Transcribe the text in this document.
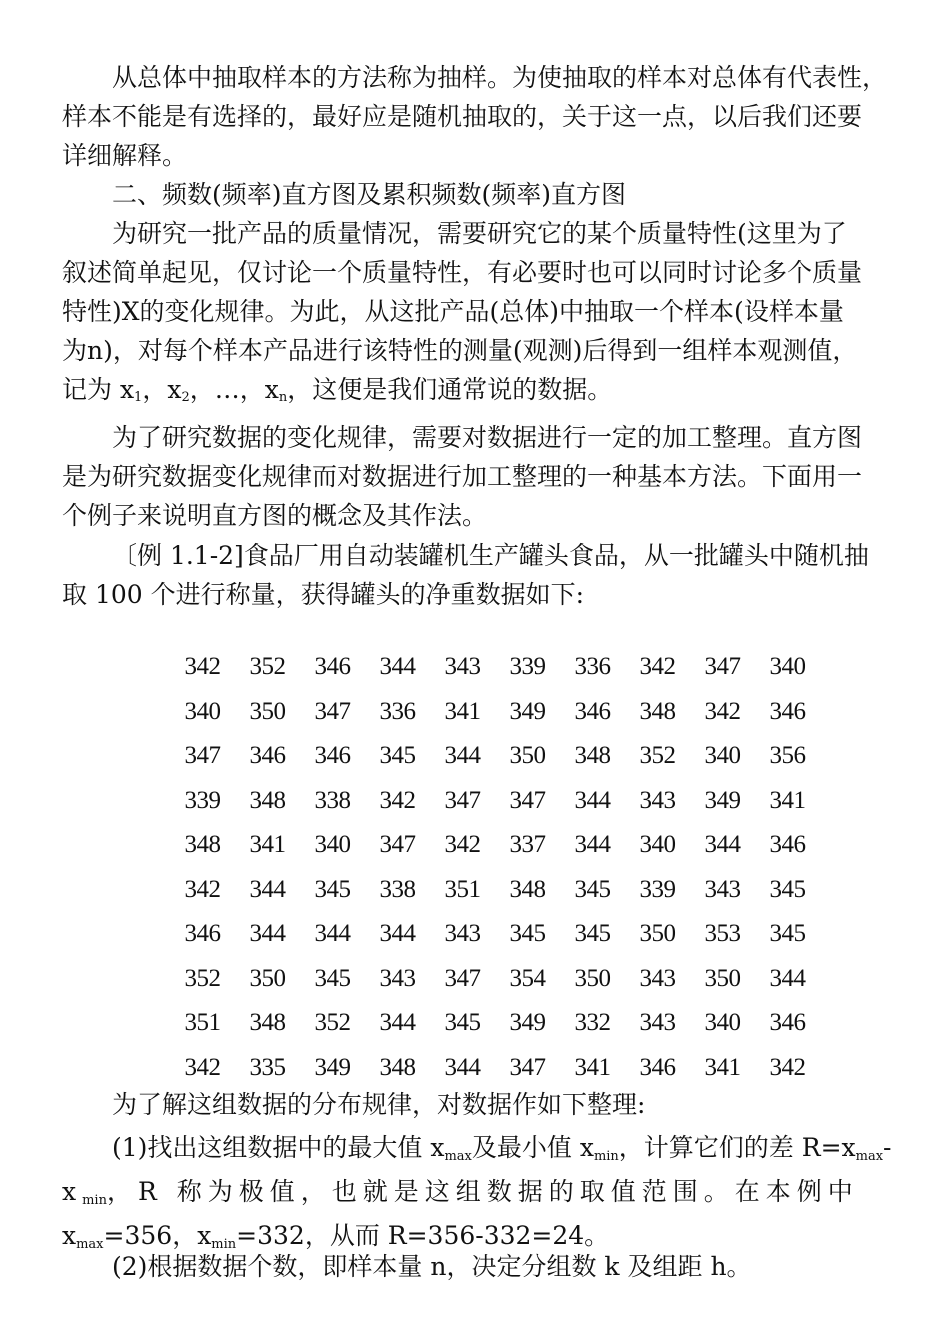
从总体中抽取样本的方法称为抽样。为使抽取的样本对总体有代表性，
样本不能是有选择的，最好应是随机抽取的，关于这一点，以后我们还要
详细解释。
二、频数(频率)直方图及累积频数(频率)直方图
为研究一批产品的质量情况，需要研究它的某个质量特性(这里为了
叙述简单起见，仅讨论一个质量特性，有必要时也可以同时讨论多个质量
特性)X的变化规律。为此，从这批产品(总体)中抽取一个样本(设样本量
为n)，对每个样本产品进行该特性的测量(观测)后得到一组样本观测值，
记为 $x_1$，$x_2$，…，$x_n$，这便是我们通常说的数据。
为了研究数据的变化规律，需要对数据进行一定的加工整理。直方图
是为研究数据变化规律而对数据进行加工整理的一种基本方法。下面用一
个例子来说明直方图的概念及其作法。
〔例 1.1-2]食品厂用自动装罐机生产罐头食品，从一批罐头中随机抽
取 100 个进行称量，获得罐头的净重数据如下:
342	352	346	344	343	339	336	342	347	340
340	350	347	336	341	349	346	348	342	346
347	346	346	345	344	350	348	352	340	356
339	348	338	342	347	347	344	343	349	341
348	341	340	347	342	337	344	340	344	346
342	344	345	338	351	348	345	339	343	345
346	344	344	344	343	345	345	350	353	345
352	350	345	343	347	354	350	343	350	344
351	348	352	344	345	349	332	343	340	346
342	335	349	348	344	347	341	346	341	342
为了解这组数据的分布规律，对数据作如下整理:
(1)找出这组数据中的最大值 xmax及最小值 xmin，计算它们的差 R=xmax-
xmin，R 称为极值，也就是这组数据的取值范围。在本例中
xmax=356，xmin=332，从而 R=356-332=24。
(2)根据数据个数，即样本量 n，决定分组数 k 及组距 h。
